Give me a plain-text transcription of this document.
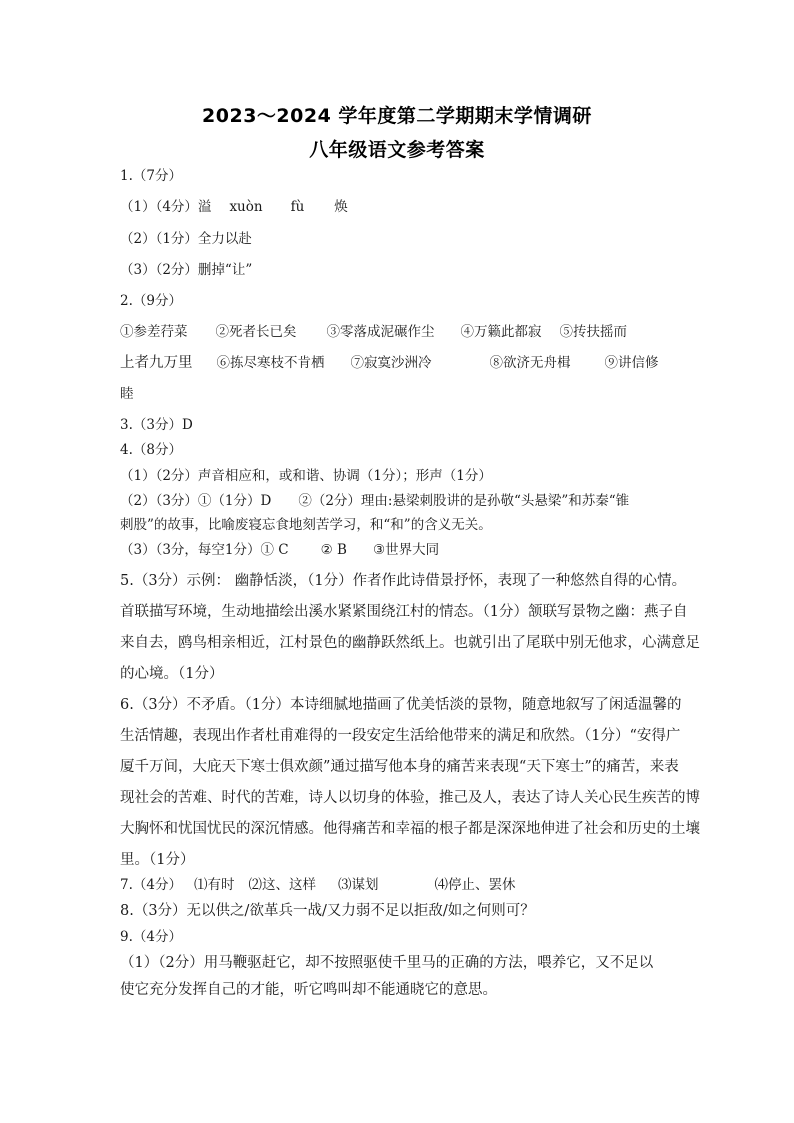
2023～2024 学年度第二学期期末学情调研
八年级语文参考答案
1.（7分）
（1）（4分）溢 xuòn fù 焕
（2）（1分）全力以赴
（3）（2分）删掉“让”
2.（9分）
①参差荇菜 ②死者长已矣 ③零落成泥碾作尘 ④万籁此都寂 ⑤抟扶摇而
上者九万里 ⑥拣尽寒枝不肯栖 ⑦寂寞沙洲冷	⑧欲济无舟楫	⑨讲信修
睦
3.（3分）D
4.（8分）
（1）（2分）声音相应和，或和谐、协调（1分）；形声（1分）
（2）（3分）①（1分）D　　②（2分）理由:悬梁刺股讲的是孙敬“头悬梁”和苏秦“锥
刺股”的故事，比喻废寝忘食地刻苦学习，和“和”的含义无关。
（3）（3分，每空1分）① C ② B ③世界大同
5.（3分）示例： 幽静恬淡，（1分）作者作此诗借景抒怀，表现了一种悠然自得的心情。
首联描写环境，生动地描绘出溪水紧紧围绕江村的情态。（1分）颔联写景物之幽：燕子自
来自去，鸥鸟相亲相近，江村景色的幽静跃然纸上。也就引出了尾联中别无他求，心满意足
的心境。（1分）
6.（3分）不矛盾。（1分）本诗细腻地描画了优美恬淡的景物，随意地叙写了闲适温馨的
生活情趣，表现出作者杜甫难得的一段安定生活给他带来的满足和欣然。（1分）“安得广
厦千万间，大庇天下寒士俱欢颜”通过描写他本身的痛苦来表现“天下寒士”的痛苦，来表
现社会的苦难、时代的苦难，诗人以切身的体验，推己及人，表达了诗人关心民生疾苦的博
大胸怀和忧国忧民的深沉情感。他得痛苦和幸福的根子都是深深地伸进了社会和历史的土壤
里。（1分）
7.（4分） ⑴有时 ⑵这、这样 ⑶谋划	⑷停止、罢休
8.（3分）无以供之/欲革兵一战/又力弱不足以拒敌/如之何则可？
9.（4分）
（1）（2分）用马鞭驱赶它，却不按照驱使千里马的正确的方法，喂养它，又不足以
使它充分发挥自己的才能，听它鸣叫却不能通晓它的意思。
